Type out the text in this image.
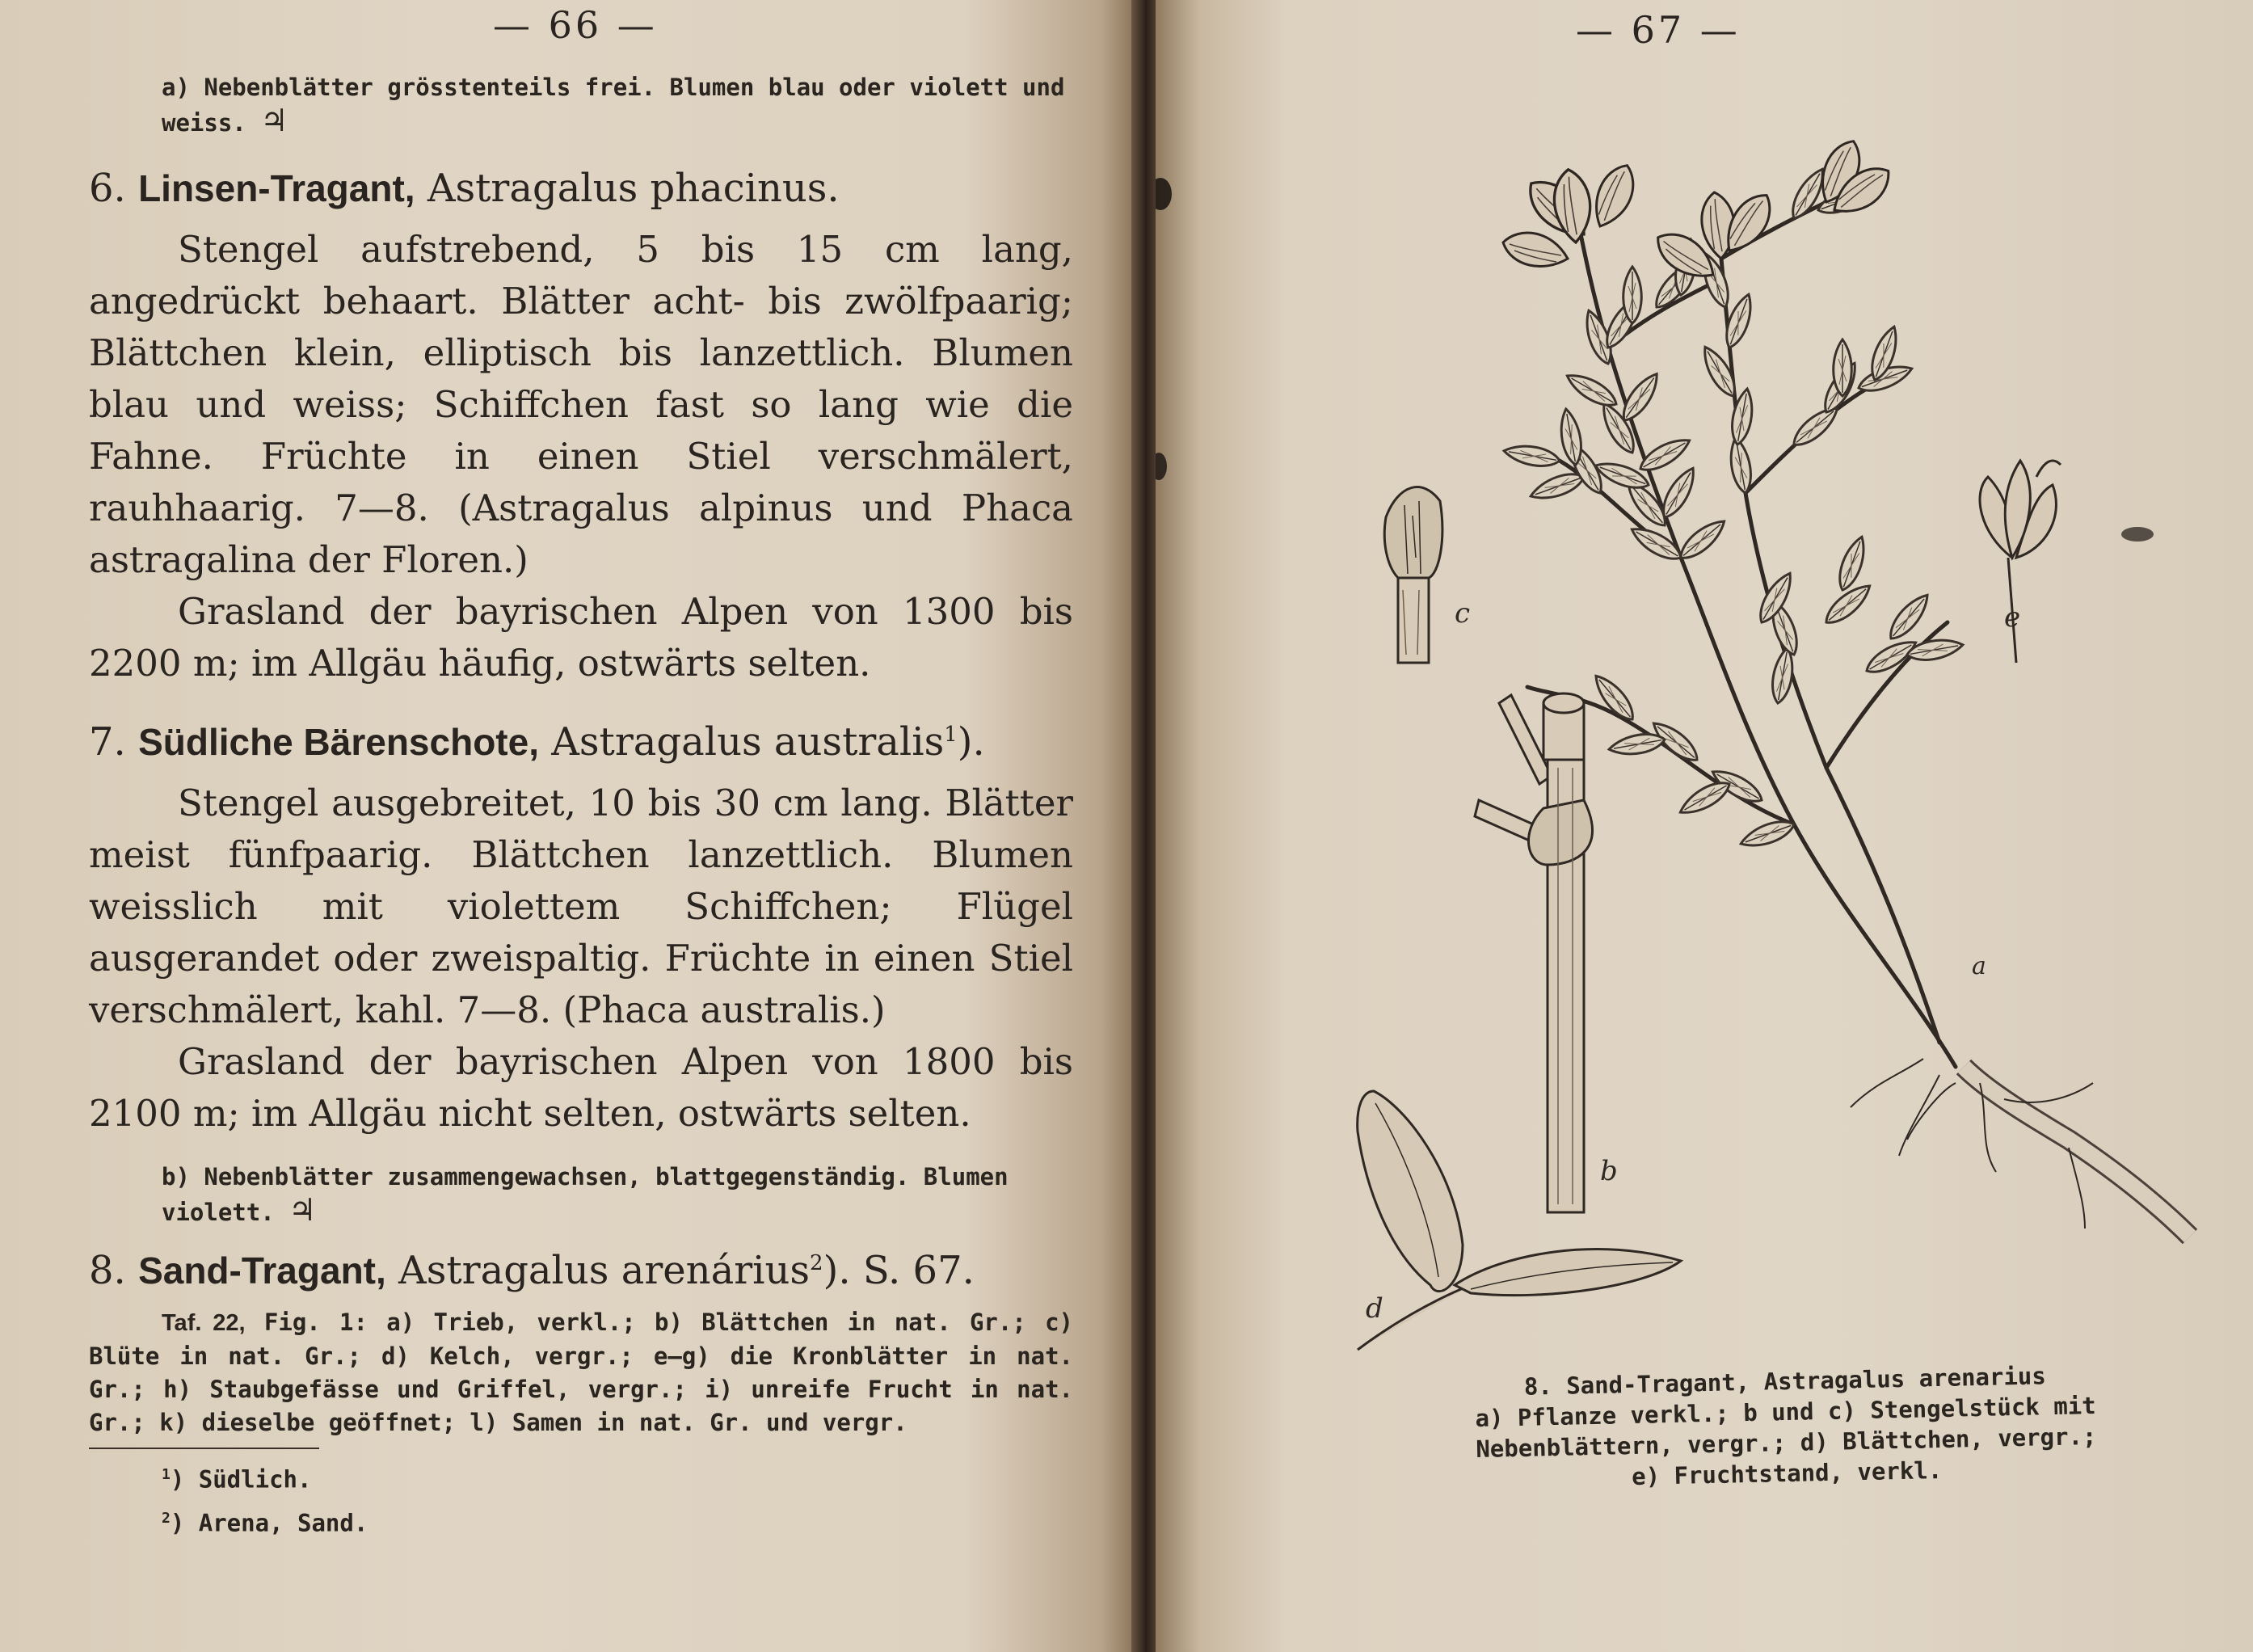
— 66 —

a) Nebenblätter grösstenteils frei. Blumen blau oder violett und weiss. ♃

6. Linsen-Tragant, Astragalus phacinus.

Stengel aufstrebend, 5 bis 15 cm lang, angedrückt behaart. Blätter acht- bis zwölfpaarig; Blättchen klein, elliptisch bis lanzettlich. Blumen blau und weiss; Schiffchen fast so lang wie die Fahne. Früchte in einen Stiel verschmälert, rauhhaarig. 7—8. (Astragalus alpinus und Phaca astragalina der Floren.)

Grasland der bayrischen Alpen von 1300 bis 2200 m; im Allgäu häufig, ostwärts selten.

7. Südliche Bärenschote, Astragalus australis$^1$).

Stengel ausgebreitet, 10 bis 30 cm lang. Blätter meist fünfpaarig. Blättchen lanzettlich. Blumen weisslich mit violettem Schiffchen; Flügel ausgerandet oder zweispaltig. Früchte in einen Stiel verschmälert, kahl. 7—8. (Phaca australis.)

Grasland der bayrischen Alpen von 1800 bis 2100 m; im Allgäu nicht selten, ostwärts selten.

b) Nebenblätter zusammengewachsen, blattgegenständig. Blumen violett. ♃

8. Sand-Tragant, Astragalus arenárius$^2$). S. 67.

Taf. 22, Fig. 1: a) Trieb, verkl.; b) Blättchen in nat. Gr.; c) Blüte in nat. Gr.; d) Kelch, vergr.; e—g) die Kronblätter in nat. Gr.; h) Staubgefässe und Griffel, vergr.; i) unreife Frucht in nat. Gr.; k) dieselbe geöffnet; l) Samen in nat. Gr. und vergr.

$^1$) Südlich.
$^2$) Arena, Sand.
— 67 —
c	e
b
d
a
8. Sand-Tragant, Astragalus arenarius
a) Pflanze verkl.; b und c) Stengelstück mit
Nebenblättern, vergr.; d) Blättchen, vergr.;
e) Fruchtstand, verkl.
